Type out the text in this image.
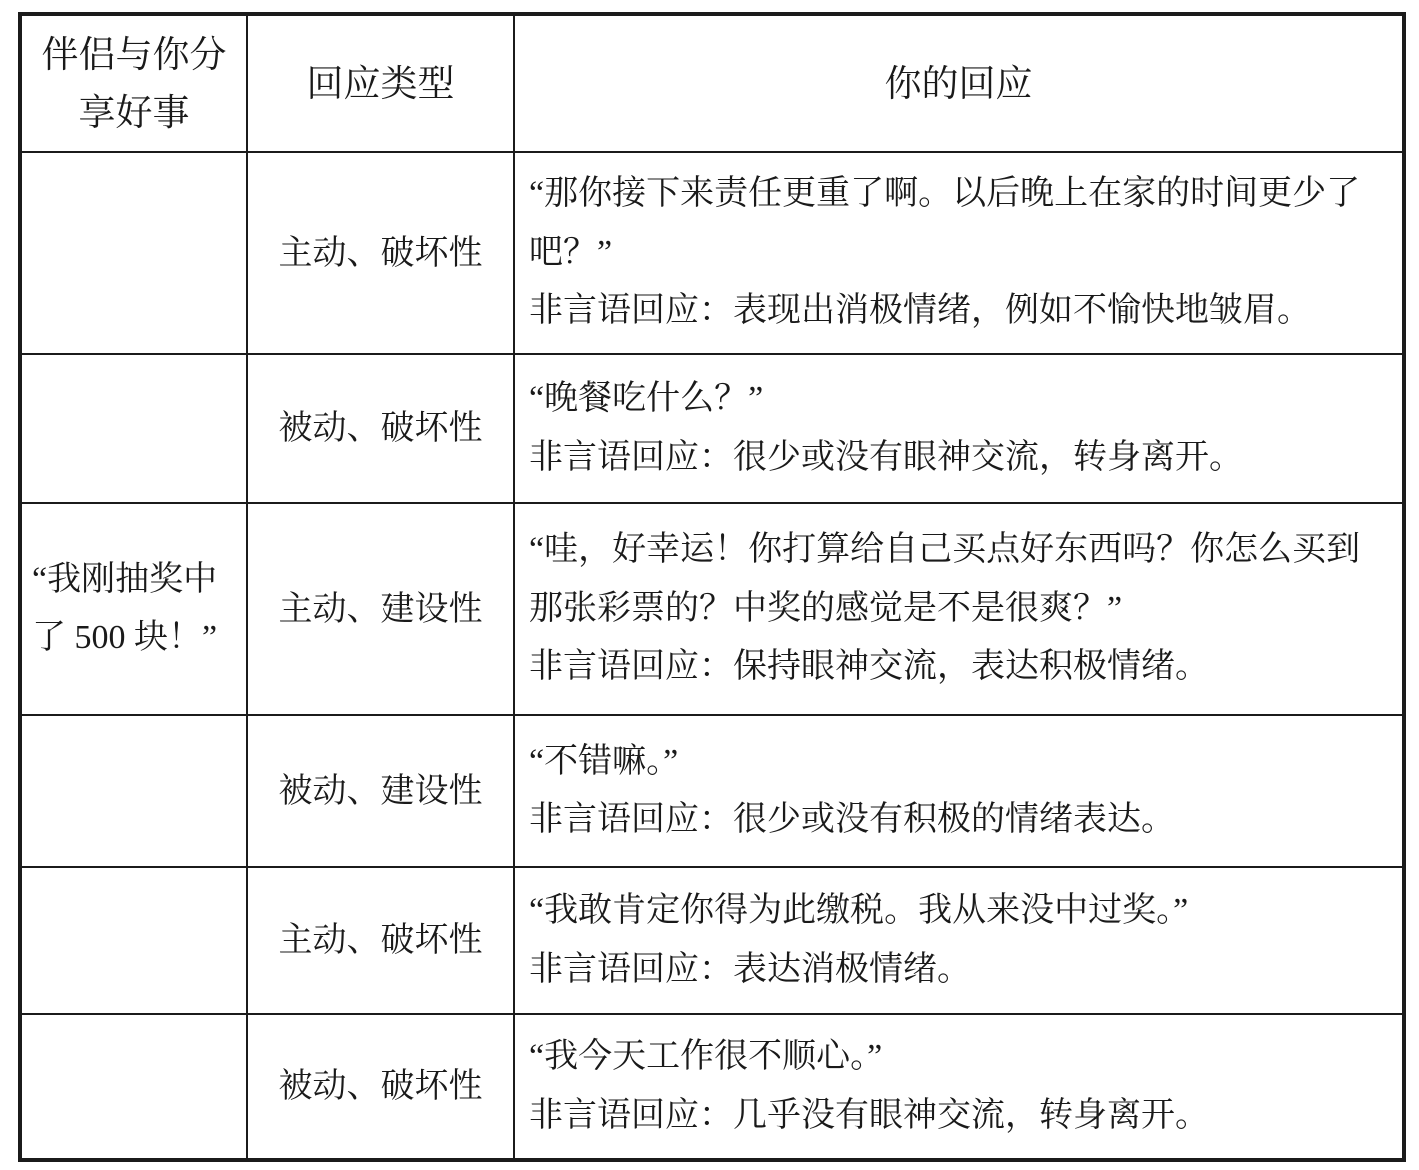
伴侣与你分享好事	回应类型	你的回应
	主动、破坏性	“那你接下来责任更重了啊。以后晚上在家的时间更少了吧？”
非言语回应：表现出消极情绪，例如不愉快地皱眉。

	被动、破坏性	“晚餐吃什么？”
非言语回应：很少或没有眼神交流，转身离开。

“我刚抽奖中了 500 块！”	主动、建设性	“哇，好幸运！你打算给自己买点好东西吗？你怎么买到那张彩票的？中奖的感觉是不是很爽？”
非言语回应：保持眼神交流，表达积极情绪。

	被动、建设性	“不错嘛。”
非言语回应：很少或没有积极的情绪表达。

	主动、破坏性	“我敢肯定你得为此缴税。我从来没中过奖。”
非言语回应：表达消极情绪。

	被动、破坏性	“我今天工作很不顺心。”
非言语回应：几乎没有眼神交流，转身离开。
